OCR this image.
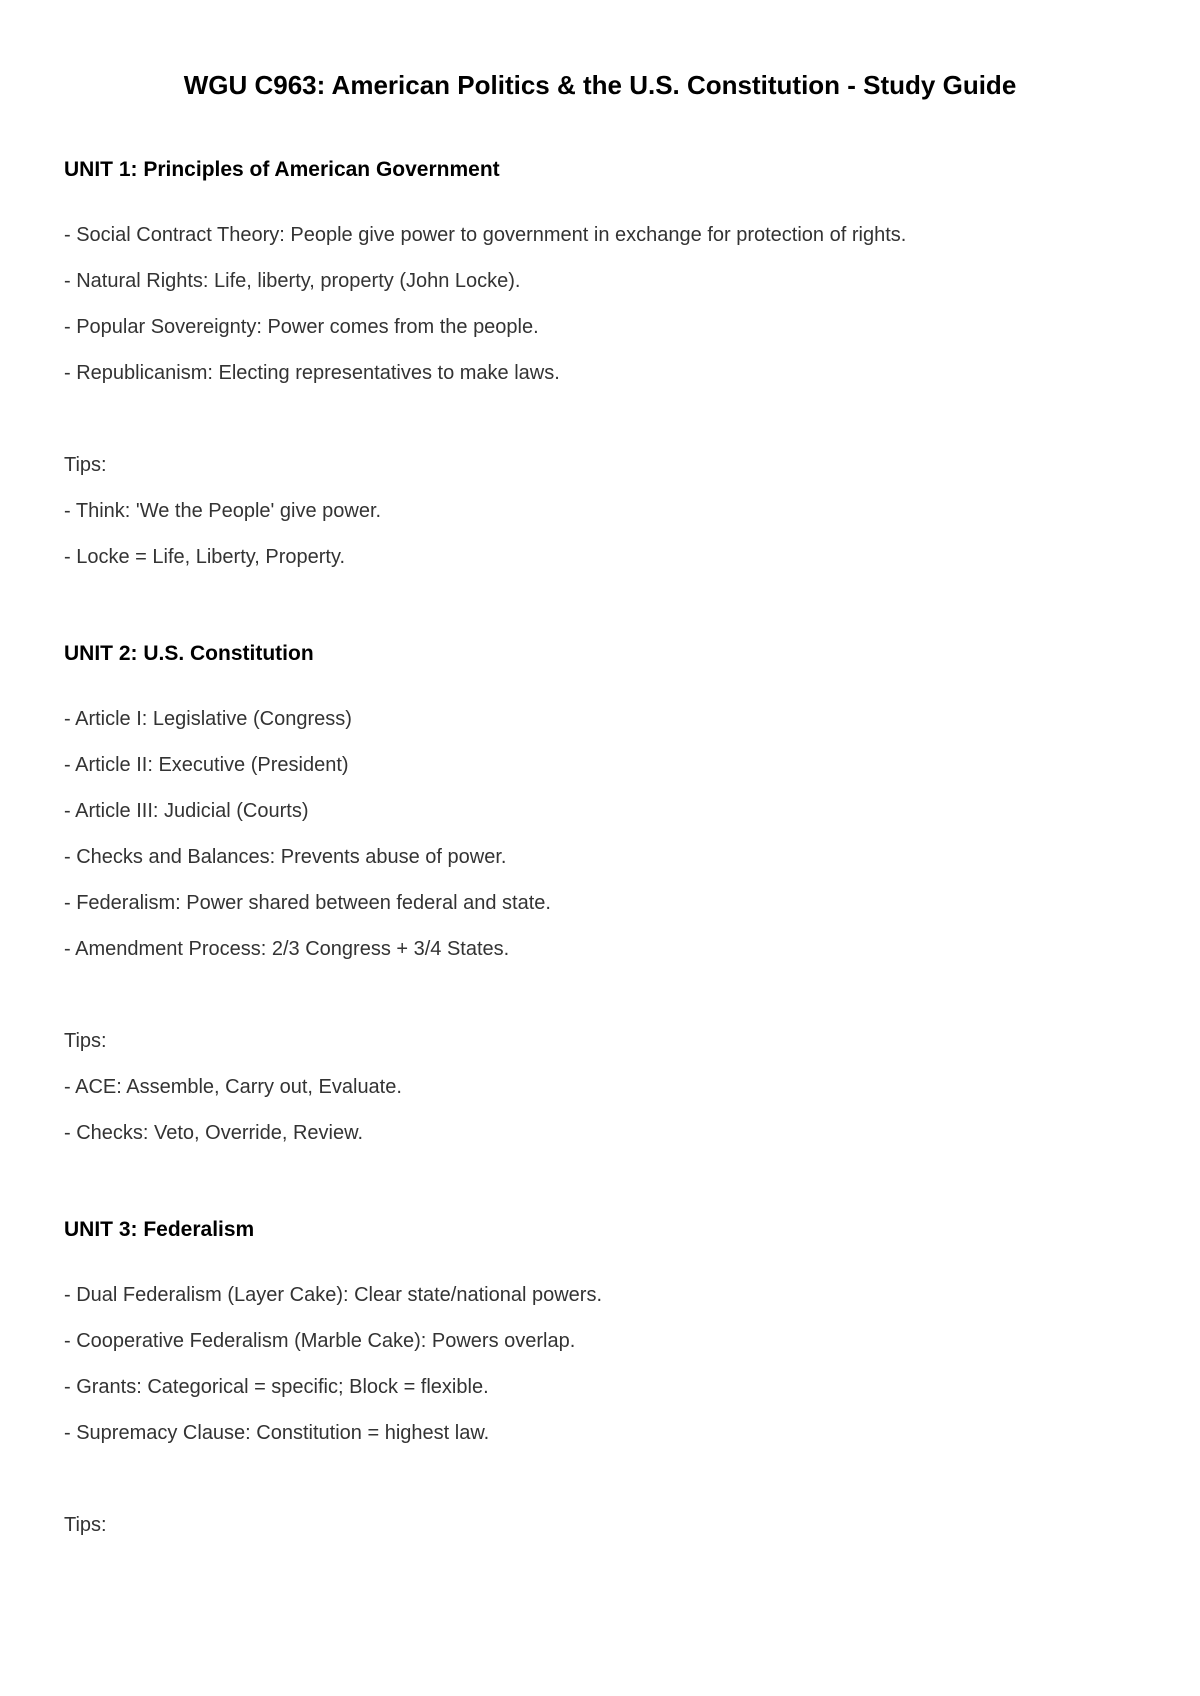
WGU C963: American Politics & the U.S. Constitution - Study Guide
UNIT 1: Principles of American Government

- Social Contract Theory: People give power to government in exchange for protection of rights.

- Natural Rights: Life, liberty, property (John Locke).

- Popular Sovereignty: Power comes from the people.

- Republicanism: Electing representatives to make laws.

Tips:

- Think: 'We the People' give power.

- Locke = Life, Liberty, Property.

UNIT 2: U.S. Constitution

- Article I: Legislative (Congress)

- Article II: Executive (President)

- Article III: Judicial (Courts)

- Checks and Balances: Prevents abuse of power.

- Federalism: Power shared between federal and state.

- Amendment Process: 2/3 Congress + 3/4 States.

Tips:

- ACE: Assemble, Carry out, Evaluate.

- Checks: Veto, Override, Review.

UNIT 3: Federalism

- Dual Federalism (Layer Cake): Clear state/national powers.

- Cooperative Federalism (Marble Cake): Powers overlap.

- Grants: Categorical = specific; Block = flexible.

- Supremacy Clause: Constitution = highest law.

Tips:
